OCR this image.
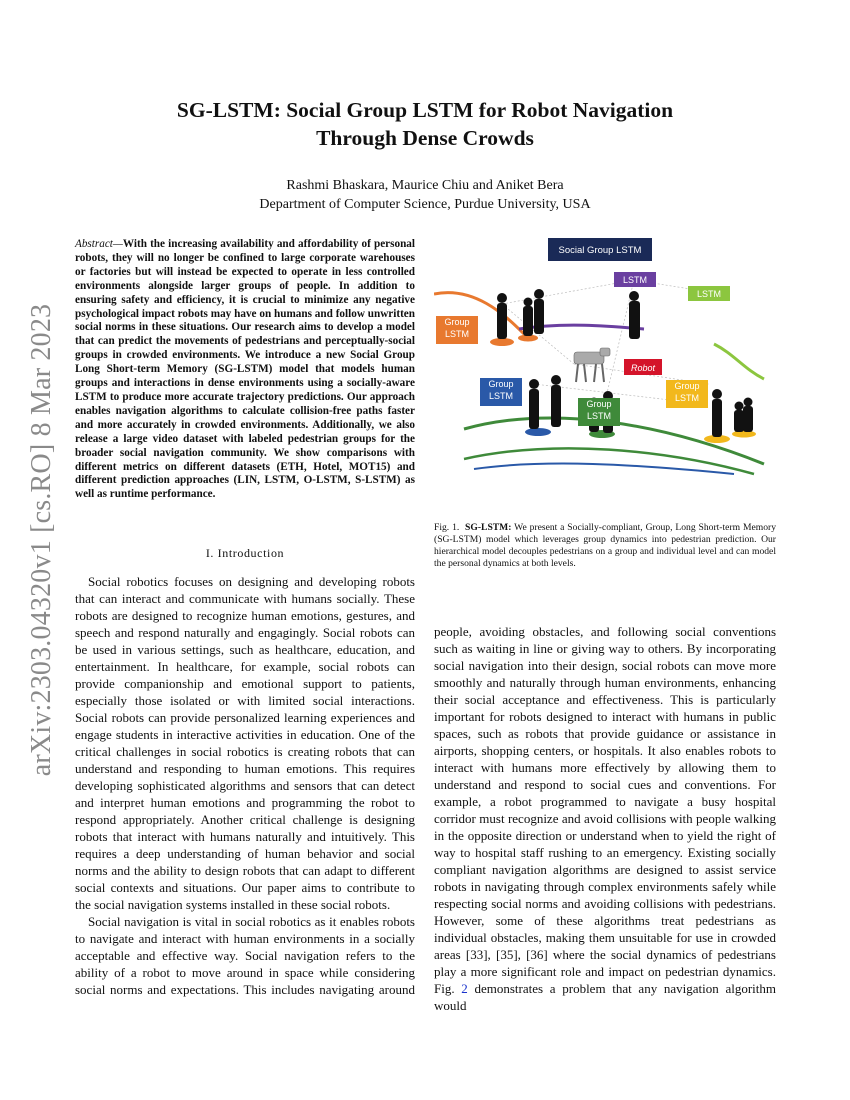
arXiv:2303.04320v1 [cs.RO] 8 Mar 2023
SG-LSTM: Social Group LSTM for Robot Navigation
Through Dense Crowds
Rashmi Bhaskara, Maurice Chiu and Aniket Bera
Department of Computer Science, Purdue University, USA

Abstract—With the increasing availability and affordability of personal robots, they will no longer be confined to large corporate warehouses or factories but will instead be expected to operate in less controlled environments alongside larger groups of people. In addition to ensuring safety and efficiency, it is crucial to minimize any negative psychological impact robots may have on humans and follow unwritten social norms in these situations. Our research aims to develop a model that can predict the movements of pedestrians and perceptually-social groups in crowded environments. We introduce a new Social Group Long Short-term Memory (SG-LSTM) model that models human groups and interactions in dense environments using a socially-aware LSTM to produce more accurate trajectory predictions. Our approach enables navigation algorithms to calculate collision-free paths faster and more accurately in crowded environments. Additionally, we also release a large video dataset with labeled pedestrian groups for the broader social navigation community. We show comparisons with different metrics on different datasets (ETH, Hotel, MOT15) and different prediction approaches (LIN, LSTM, O-LSTM, S-LSTM) as well as runtime performance.

I. Introduction

Social robotics focuses on designing and developing robots that can interact and communicate with humans socially. These robots are designed to recognize human emotions, gestures, and speech and respond naturally and engagingly. Social robots can be used in various settings, such as healthcare, education, and entertainment. In healthcare, for example, social robots can provide companionship and emotional support to patients, especially those isolated or with limited social interactions. Social robots can provide personalized learning experiences and engage students in interactive activities in education. One of the critical challenges in social robotics is creating robots that can understand and responding to human emotions. This requires developing sophisticated algorithms and sensors that can detect and interpret human emotions and programming the robot to respond appropriately. Another critical challenge is designing robots that interact with humans naturally and intuitively. This requires a deep understanding of human behavior and social norms and the ability to design robots that can adapt to different social contexts and situations. Our paper aims to contribute to the social navigation systems installed in these social robots.

Social navigation is vital in social robotics as it enables robots to navigate and interact with human environments in a socially acceptable and effective way. Social navigation refers to the ability of a robot to move around in space while considering social norms and expectations. This includes navigating around

people, avoiding obstacles, and following social conventions such as waiting in line or giving way to others. By incorporating social navigation into their design, social robots can move more smoothly and naturally through human environments, enhancing their social acceptance and effectiveness. This is particularly important for robots designed to interact with humans in public spaces, such as robots that provide guidance or assistance in airports, shopping centers, or hospitals. It also enables robots to interact with humans more effectively by allowing them to understand and respond to social cues and conventions. For example, a robot programmed to navigate a busy hospital corridor must recognize and avoid collisions with people walking in the opposite direction or understand when to yield the right of way to hospital staff rushing to an emergency. Existing socially compliant navigation algorithms are designed to assist service robots in navigating through complex environments safely while respecting social norms and avoiding collisions with pedestrians. However, some of these algorithms treat pedestrians as individual obstacles, making them unsuitable for use in crowded areas [33], [35], [36] where the social dynamics of pedestrians play a more significant role and impact on pedestrian dynamics. Fig. 2 demonstrates a problem that any navigation algorithm would

Social Group LSTM
LSTM
LSTM
Group LSTM
Robot
Group LSTM
Group LSTM
Group LSTM

Fig. 1. SG-LSTM: We present a Socially-compliant, Group, Long Short-term Memory (SG-LSTM) model which leverages group dynamics into pedestrian prediction. Our hierarchical model decouples pedestrians on a group and individual level and can model the personal dynamics at both levels.
